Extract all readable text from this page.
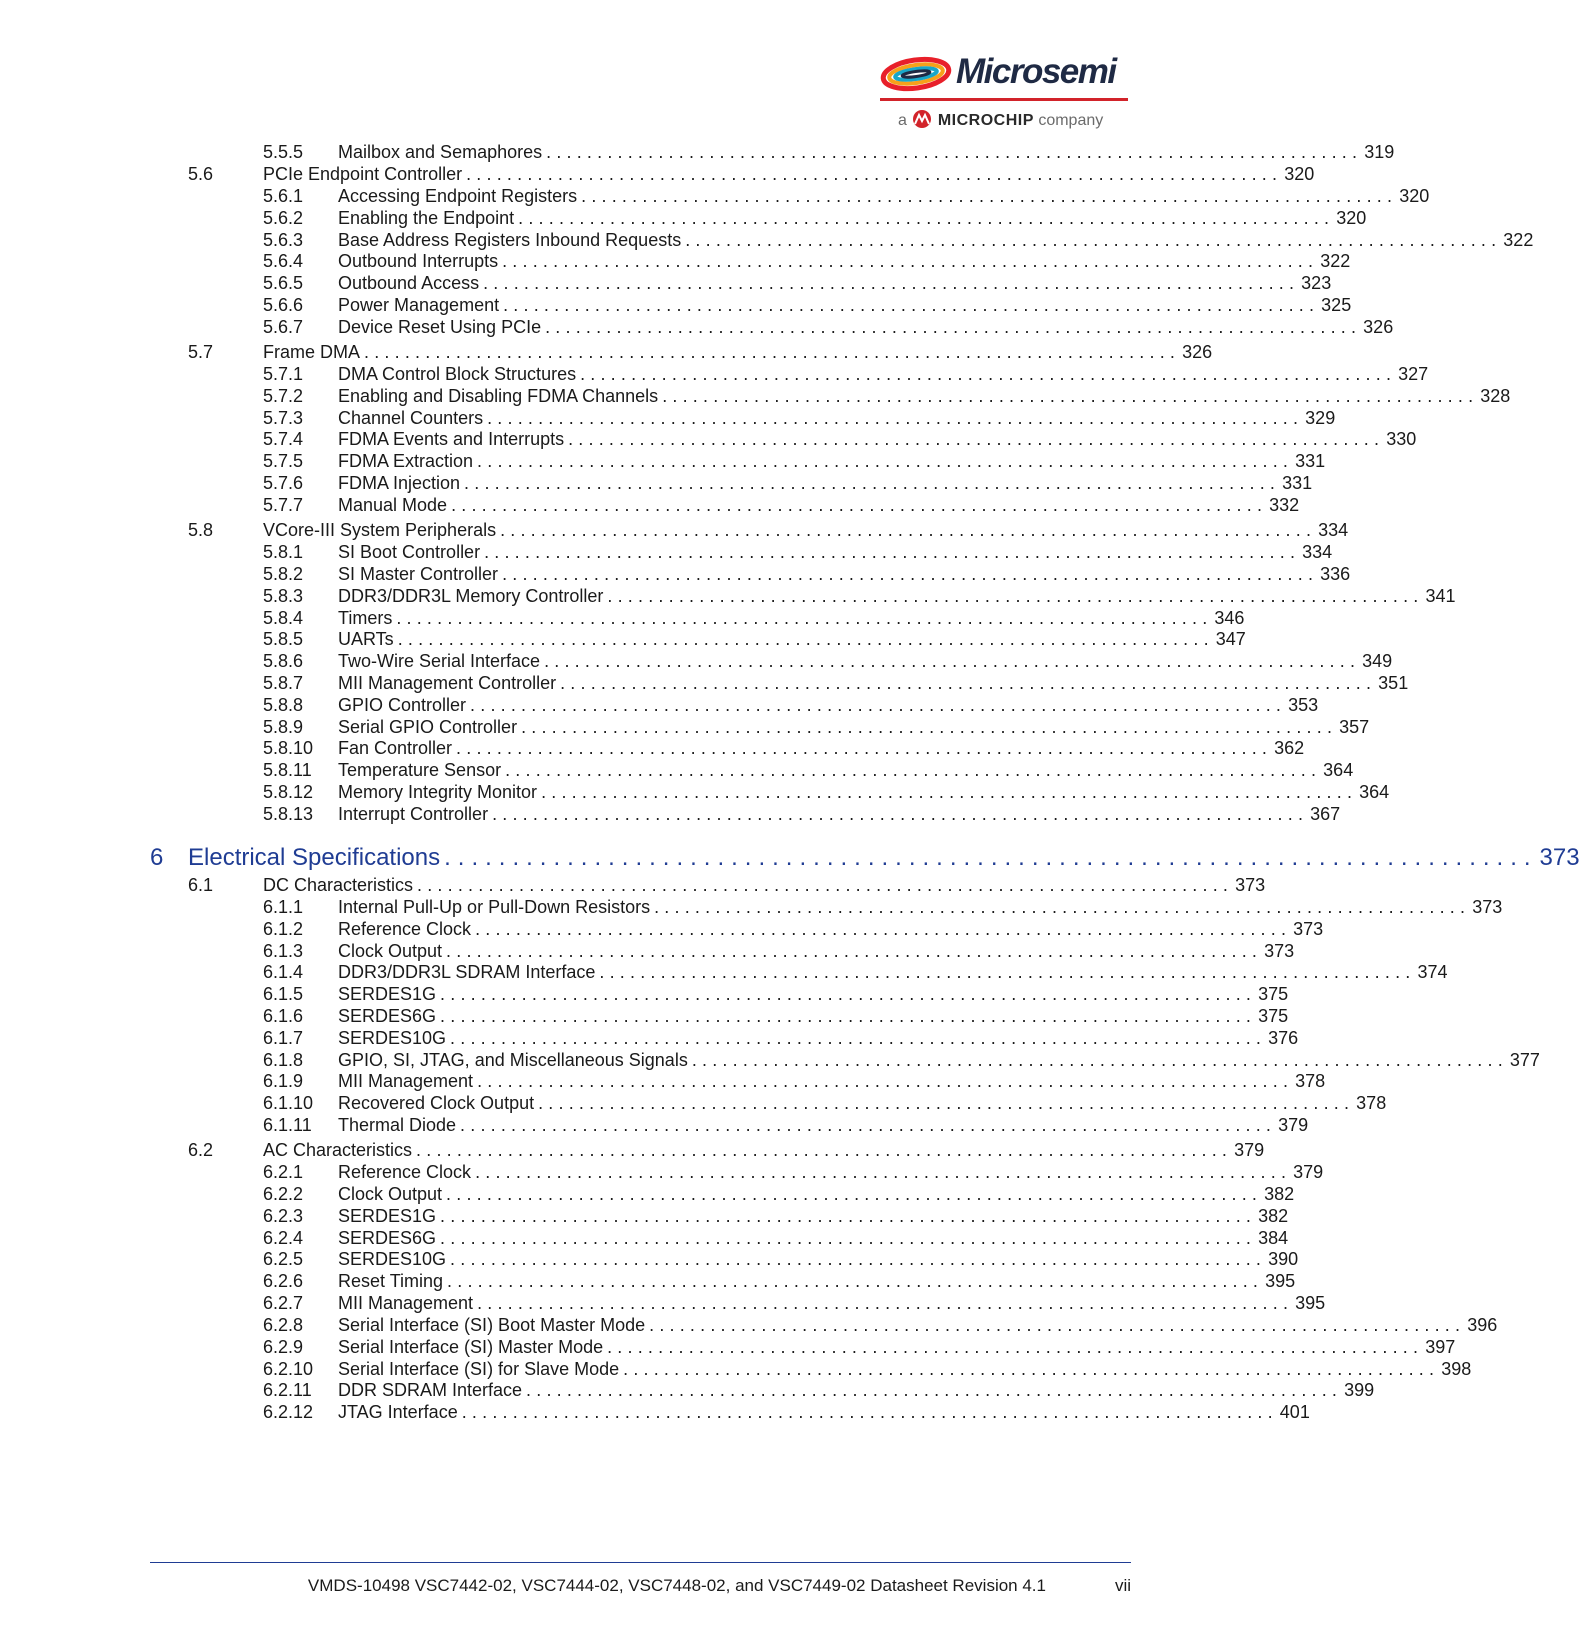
Microsemi
a MICROCHIP company
5.5.5	Mailbox and Semaphores ................................................................................ 319
5.6	PCIe Endpoint Controller ................................................................................ 320
5.6.1	Accessing Endpoint Registers ................................................................................ 320
5.6.2	Enabling the Endpoint ................................................................................ 320
5.6.3	Base Address Registers Inbound Requests ................................................................................ 322
5.6.4	Outbound Interrupts ................................................................................ 322
5.6.5	Outbound Access ................................................................................ 323
5.6.6	Power Management ................................................................................ 325
5.6.7	Device Reset Using PCIe ................................................................................ 326
5.7	Frame DMA ................................................................................ 326
5.7.1	DMA Control Block Structures ................................................................................ 327
5.7.2	Enabling and Disabling FDMA Channels ................................................................................ 328
5.7.3	Channel Counters ................................................................................ 329
5.7.4	FDMA Events and Interrupts ................................................................................ 330
5.7.5	FDMA Extraction ................................................................................ 331
5.7.6	FDMA Injection ................................................................................ 331
5.7.7	Manual Mode ................................................................................ 332
5.8	VCore-III System Peripherals ................................................................................ 334
5.8.1	SI Boot Controller ................................................................................ 334
5.8.2	SI Master Controller ................................................................................ 336
5.8.3	DDR3/DDR3L Memory Controller ................................................................................ 341
5.8.4	Timers ................................................................................ 346
5.8.5	UARTs ................................................................................ 347
5.8.6	Two-Wire Serial Interface ................................................................................ 349
5.8.7	MII Management Controller ................................................................................ 351
5.8.8	GPIO Controller ................................................................................ 353
5.8.9	Serial GPIO Controller ................................................................................ 357
5.8.10	Fan Controller ................................................................................ 362
5.8.11	Temperature Sensor ................................................................................ 364
5.8.12	Memory Integrity Monitor ................................................................................ 364
5.8.13	Interrupt Controller ................................................................................ 367
6	Electrical Specifications ................................................................................ 373
6.1	DC Characteristics ................................................................................ 373
6.1.1	Internal Pull-Up or Pull-Down Resistors ................................................................................ 373
6.1.2	Reference Clock ................................................................................ 373
6.1.3	Clock Output ................................................................................ 373
6.1.4	DDR3/DDR3L SDRAM Interface ................................................................................ 374
6.1.5	SERDES1G ................................................................................ 375
6.1.6	SERDES6G ................................................................................ 375
6.1.7	SERDES10G ................................................................................ 376
6.1.8	GPIO, SI, JTAG, and Miscellaneous Signals ................................................................................ 377
6.1.9	MII Management ................................................................................ 378
6.1.10	Recovered Clock Output ................................................................................ 378
6.1.11	Thermal Diode ................................................................................ 379
6.2	AC Characteristics ................................................................................ 379
6.2.1	Reference Clock ................................................................................ 379
6.2.2	Clock Output ................................................................................ 382
6.2.3	SERDES1G ................................................................................ 382
6.2.4	SERDES6G ................................................................................ 384
6.2.5	SERDES10G ................................................................................ 390
6.2.6	Reset Timing ................................................................................ 395
6.2.7	MII Management ................................................................................ 395
6.2.8	Serial Interface (SI) Boot Master Mode ................................................................................ 396
6.2.9	Serial Interface (SI) Master Mode ................................................................................ 397
6.2.10	Serial Interface (SI) for Slave Mode ................................................................................ 398
6.2.11	DDR SDRAM Interface ................................................................................ 399
6.2.12	JTAG Interface ................................................................................ 401
VMDS-10498 VSC7442-02, VSC7444-02, VSC7448-02, and VSC7449-02 Datasheet Revision 4.1	vii
